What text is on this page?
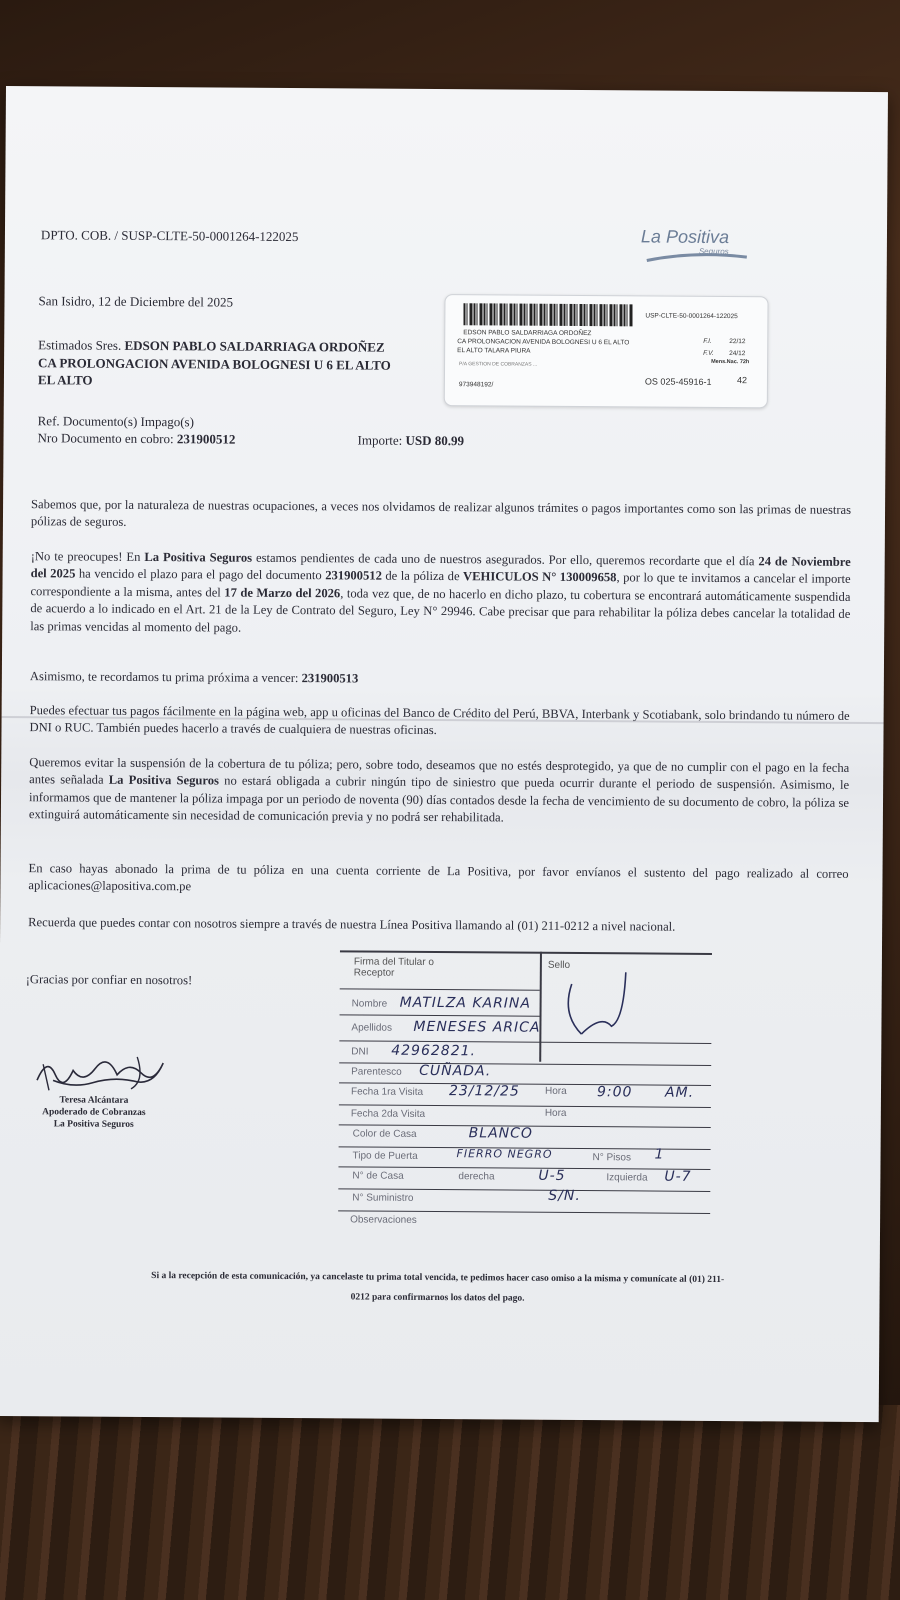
DPTO. COB. / SUSP-CLTE-50-0001264-122025	La Positiva
Seguros
San Isidro, 12 de Diciembre del 2025
USP-CLTE-50-0001264-122025
EDSON PABLO SALDARRIAGA ORDOÑEZ
CA PROLONGACION AVENIDA BOLOGNESI U 6 EL ALTO
EL ALTO TALARA PIURA
P/A GESTION DE COBRANZAS ...
973948192/
F.I.	22/12
F.V. 24/12
Mens.Nac. 72h
OS 025-45916-1	42
Estimados Sres. EDSON PABLO SALDARRIAGA ORDOÑEZ
CA PROLONGACION AVENIDA BOLOGNESI U 6 EL ALTO
EL ALTO
Ref. Documento(s) Impago(s)
Nro Documento en cobro: 231900512	Importe: USD 80.99
Sabemos que, por la naturaleza de nuestras ocupaciones, a veces nos olvidamos de realizar algunos trámites o pagos importantes como son las primas de nuestras pólizas de seguros.
¡No te preocupes! En La Positiva Seguros estamos pendientes de cada uno de nuestros asegurados. Por ello, queremos recordarte que el día 24 de Noviembre del 2025 ha vencido el plazo para el pago del documento 231900512 de la póliza de VEHICULOS N° 130009658, por lo que te invitamos a cancelar el importe correspondiente a la misma, antes del 17 de Marzo del 2026, toda vez que, de no hacerlo en dicho plazo, tu cobertura se encontrará automáticamente suspendida de acuerdo a lo indicado en el Art. 21 de la Ley de Contrato del Seguro, Ley N° 29946. Cabe precisar que para rehabilitar la póliza debes cancelar la totalidad de las primas vencidas al momento del pago.
Asimismo, te recordamos tu prima próxima a vencer: 231900513
Puedes efectuar tus pagos fácilmente en la página web, app u oficinas del Banco de Crédito del Perú, BBVA, Interbank y Scotiabank, solo brindando tu número de DNI o RUC. También puedes hacerlo a través de cualquiera de nuestras oficinas.
Queremos evitar la suspensión de la cobertura de tu póliza; pero, sobre todo, deseamos que no estés desprotegido, ya que de no cumplir con el pago en la fecha antes señalada La Positiva Seguros no estará obligada a cubrir ningún tipo de siniestro que pueda ocurrir durante el periodo de suspensión. Asimismo, le informamos que de mantener la póliza impaga por un periodo de noventa (90) días contados desde la fecha de vencimiento de su documento de cobro, la póliza se extinguirá automáticamente sin necesidad de comunicación previa y no podrá ser rehabilitada.
En caso hayas abonado la prima de tu póliza en una cuenta corriente de La Positiva, por favor envíanos el sustento del pago realizado al correo aplicaciones@lapositiva.com.pe
Recuerda que puedes contar con nosotros siempre a través de nuestra Línea Positiva llamando al (01) 211-0212 a nivel nacional.
¡Gracias por confiar en nosotros!
Teresa Alcántara
Apoderado de Cobranzas
La Positiva Seguros
Firma del Titular o Receptor
Sello
Nombre MATILZA KARINA
Apellidos MENESES ARICA
DNI 42962821.
Parentesco CUÑADA.
Fecha 1ra Visita 23/12/25	Hora 9:00 AM.
Fecha 2da Visita	Hora
Color de Casa	BLANCO
Tipo de Puerta	FIERRO NEGRO	N° Pisos 1
N° de Casa	derecha	U-5	Izquierda U-7
N° Suministro	S/N.
Observaciones
Si a la recepción de esta comunicación, ya cancelaste tu prima total vencida, te pedimos hacer caso omiso a la misma y comunícate al (01) 211-
0212 para confirmarnos los datos del pago.
